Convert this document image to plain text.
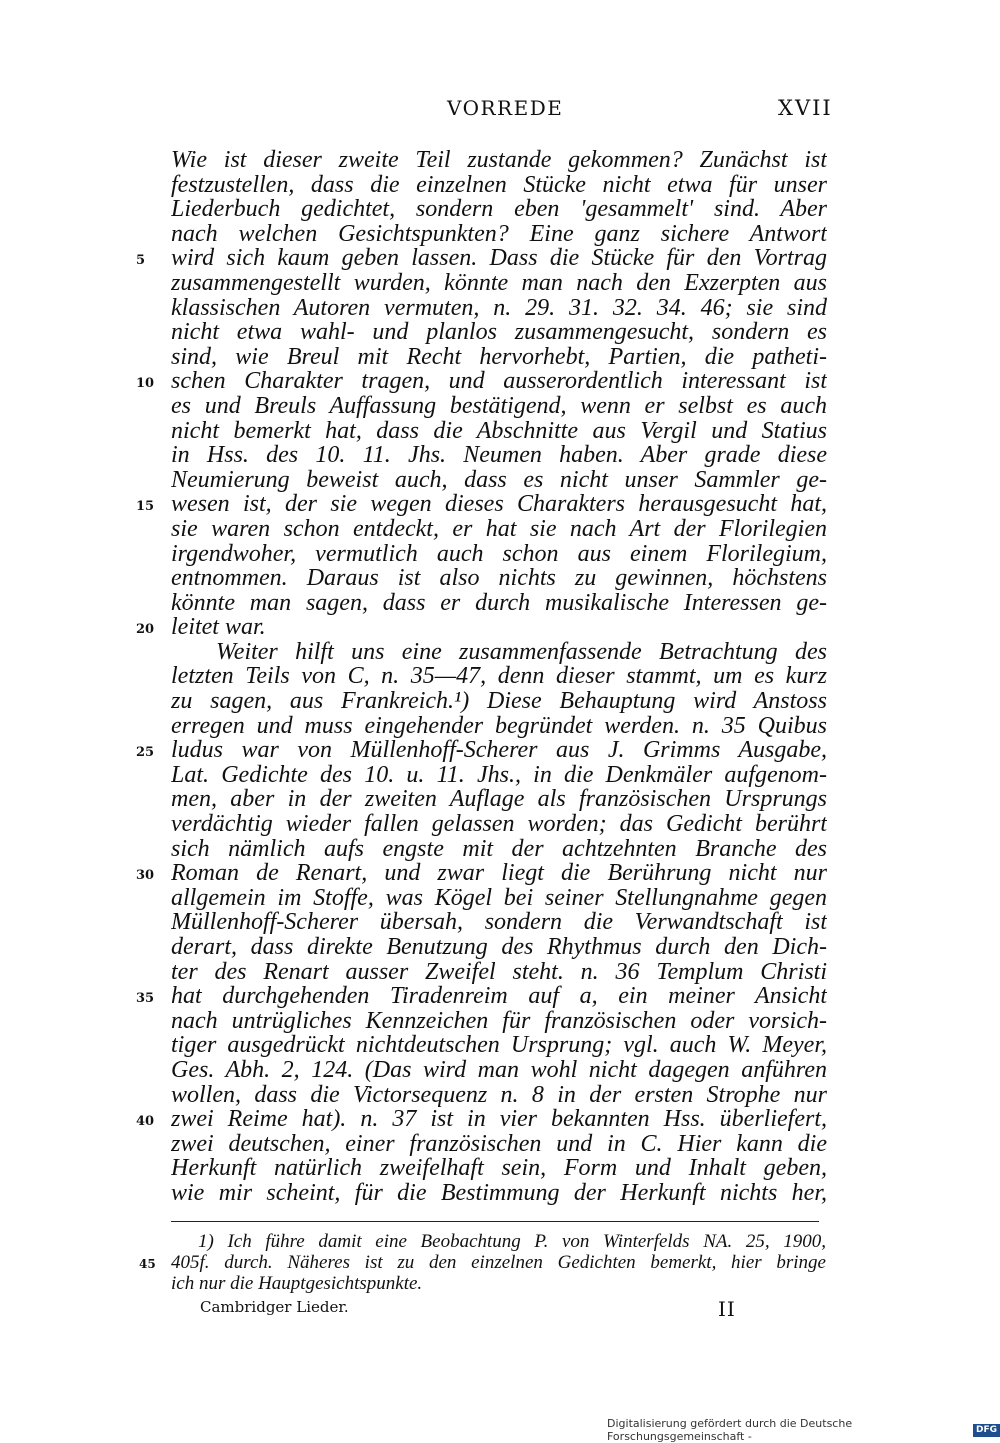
VORREDE	XVII
Wie ist dieser zweite Teil zustande gekommen? Zunächst ist
festzustellen, dass die einzelnen Stücke nicht etwa für unser
Liederbuch gedichtet, sondern eben 'gesammelt' sind. Aber
nach welchen Gesichtspunkten? Eine ganz sichere Antwort
5	wird sich kaum geben lassen. Dass die Stücke für den Vortrag
zusammengestellt wurden, könnte man nach den Exzerpten aus
klassischen Autoren vermuten, n. 29. 31. 32. 34. 46; sie sind
nicht etwa wahl- und planlos zusammengesucht, sondern es
sind, wie Breul mit Recht hervorhebt, Partien, die patheti-
10 schen Charakter tragen, und ausserordentlich interessant ist
es und Breuls Auffassung bestätigend, wenn er selbst es auch
nicht bemerkt hat, dass die Abschnitte aus Vergil und Statius
in Hss. des 10. 11. Jhs. Neumen haben. Aber grade diese
Neumierung beweist auch, dass es nicht unser Sammler ge-
15 wesen ist, der sie wegen dieses Charakters herausgesucht hat,
sie waren schon entdeckt, er hat sie nach Art der Florilegien
irgendwoher, vermutlich auch schon aus einem Florilegium,
entnommen. Daraus ist also nichts zu gewinnen, höchstens
könnte man sagen, dass er durch musikalische Interessen ge-
20 leitet war.
Weiter hilft uns eine zusammenfassende Betrachtung des
letzten Teils von C, n. 35—47, denn dieser stammt, um es kurz
zu sagen, aus Frankreich.¹) Diese Behauptung wird Anstoss
erregen und muss eingehender begründet werden. n. 35 Quibus
25 ludus war von Müllenhoff-Scherer aus J. Grimms Ausgabe,
Lat. Gedichte des 10. u. 11. Jhs., in die Denkmäler aufgenom-
men, aber in der zweiten Auflage als französischen Ursprungs
verdächtig wieder fallen gelassen worden; das Gedicht berührt
sich nämlich aufs engste mit der achtzehnten Branche des
30 Roman de Renart, und zwar liegt die Berührung nicht nur
allgemein im Stoffe, was Kögel bei seiner Stellungnahme gegen
Müllenhoff-Scherer übersah, sondern die Verwandtschaft ist
derart, dass direkte Benutzung des Rhythmus durch den Dich-
ter des Renart ausser Zweifel steht. n. 36 Templum Christi
35 hat durchgehenden Tiradenreim auf a, ein meiner Ansicht
nach untrügliches Kennzeichen für französischen oder vorsich-
tiger ausgedrückt nichtdeutschen Ursprung; vgl. auch W. Meyer,
Ges. Abh. 2, 124. (Das wird man wohl nicht dagegen anführen
wollen, dass die Victorsequenz n. 8 in der ersten Strophe nur
40 zwei Reime hat). n. 37 ist in vier bekannten Hss. überliefert,
zwei deutschen, einer französischen und in C. Hier kann die
Herkunft natürlich zweifelhaft sein, Form und Inhalt geben,
wie mir scheint, für die Bestimmung der Herkunft nichts her,
1) Ich führe damit eine Beobachtung P. von Winterfelds NA. 25, 1900,
45 405f. durch. Näheres ist zu den einzelnen Gedichten bemerkt, hier bringe
ich nur die Hauptgesichtspunkte.
Cambridger Lieder.	II
Digitalisierung gefördert durch die Deutsche Forschungsgemeinschaft -
DFG
